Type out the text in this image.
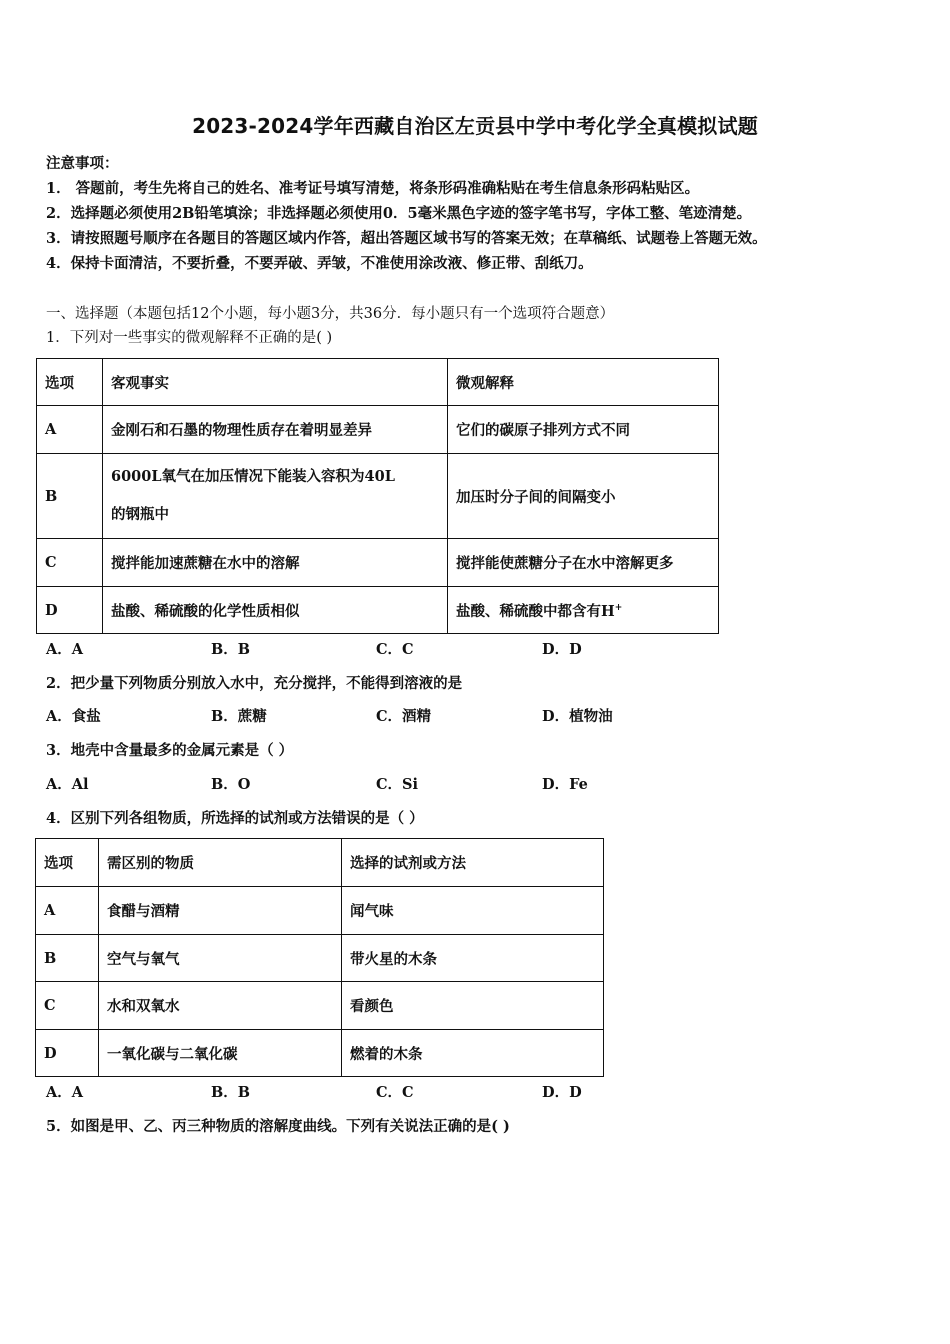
2023-2024学年西藏自治区左贡县中学中考化学全真模拟试题
注意事项：
1． 答题前，考生先将自己的姓名、准考证号填写清楚，将条形码准确粘贴在考生信息条形码粘贴区。
2．选择题必须使用2B铅笔填涂；非选择题必须使用0．5毫米黑色字迹的签字笔书写，字体工整、笔迹清楚。
3．请按照题号顺序在各题目的答题区域内作答，超出答题区域书写的答案无效；在草稿纸、试题卷上答题无效。
4．保持卡面清洁，不要折叠，不要弄破、弄皱，不准使用涂改液、修正带、刮纸刀。
一、选择题（本题包括12个小题，每小题3分，共36分．每小题只有一个选项符合题意）
1．下列对一些事实的微观解释不正确的是( )
选项	客观事实	微观解释
A	金刚石和石墨的物理性质存在着明显差异	它们的碳原子排列方式不同
B	6000L氧气在加压情况下能装入容积为40L
的钢瓶中	加压时分子间的间隔变小
C	搅拌能加速蔗糖在水中的溶解	搅拌能使蔗糖分子在水中溶解更多
D	盐酸、稀硫酸的化学性质相似	盐酸、稀硫酸中都含有H+
A．A	B．B	C．C	D．D
2．把少量下列物质分别放入水中，充分搅拌，不能得到溶液的是
A．食盐	B．蔗糖	C．酒精	D．植物油
3．地壳中含量最多的金属元素是（ ）
A．Al	B．O	C．Si	D．Fe
4．区别下列各组物质，所选择的试剂或方法错误的是（ ）
选项	需区别的物质	选择的试剂或方法
A	食醋与酒精	闻气味
B	空气与氧气	带火星的木条
C	水和双氧水	看颜色
D	一氧化碳与二氧化碳	燃着的木条
A．A	B．B	C．C	D．D
5．如图是甲、乙、丙三种物质的溶解度曲线。下列有关说法正确的是( )
